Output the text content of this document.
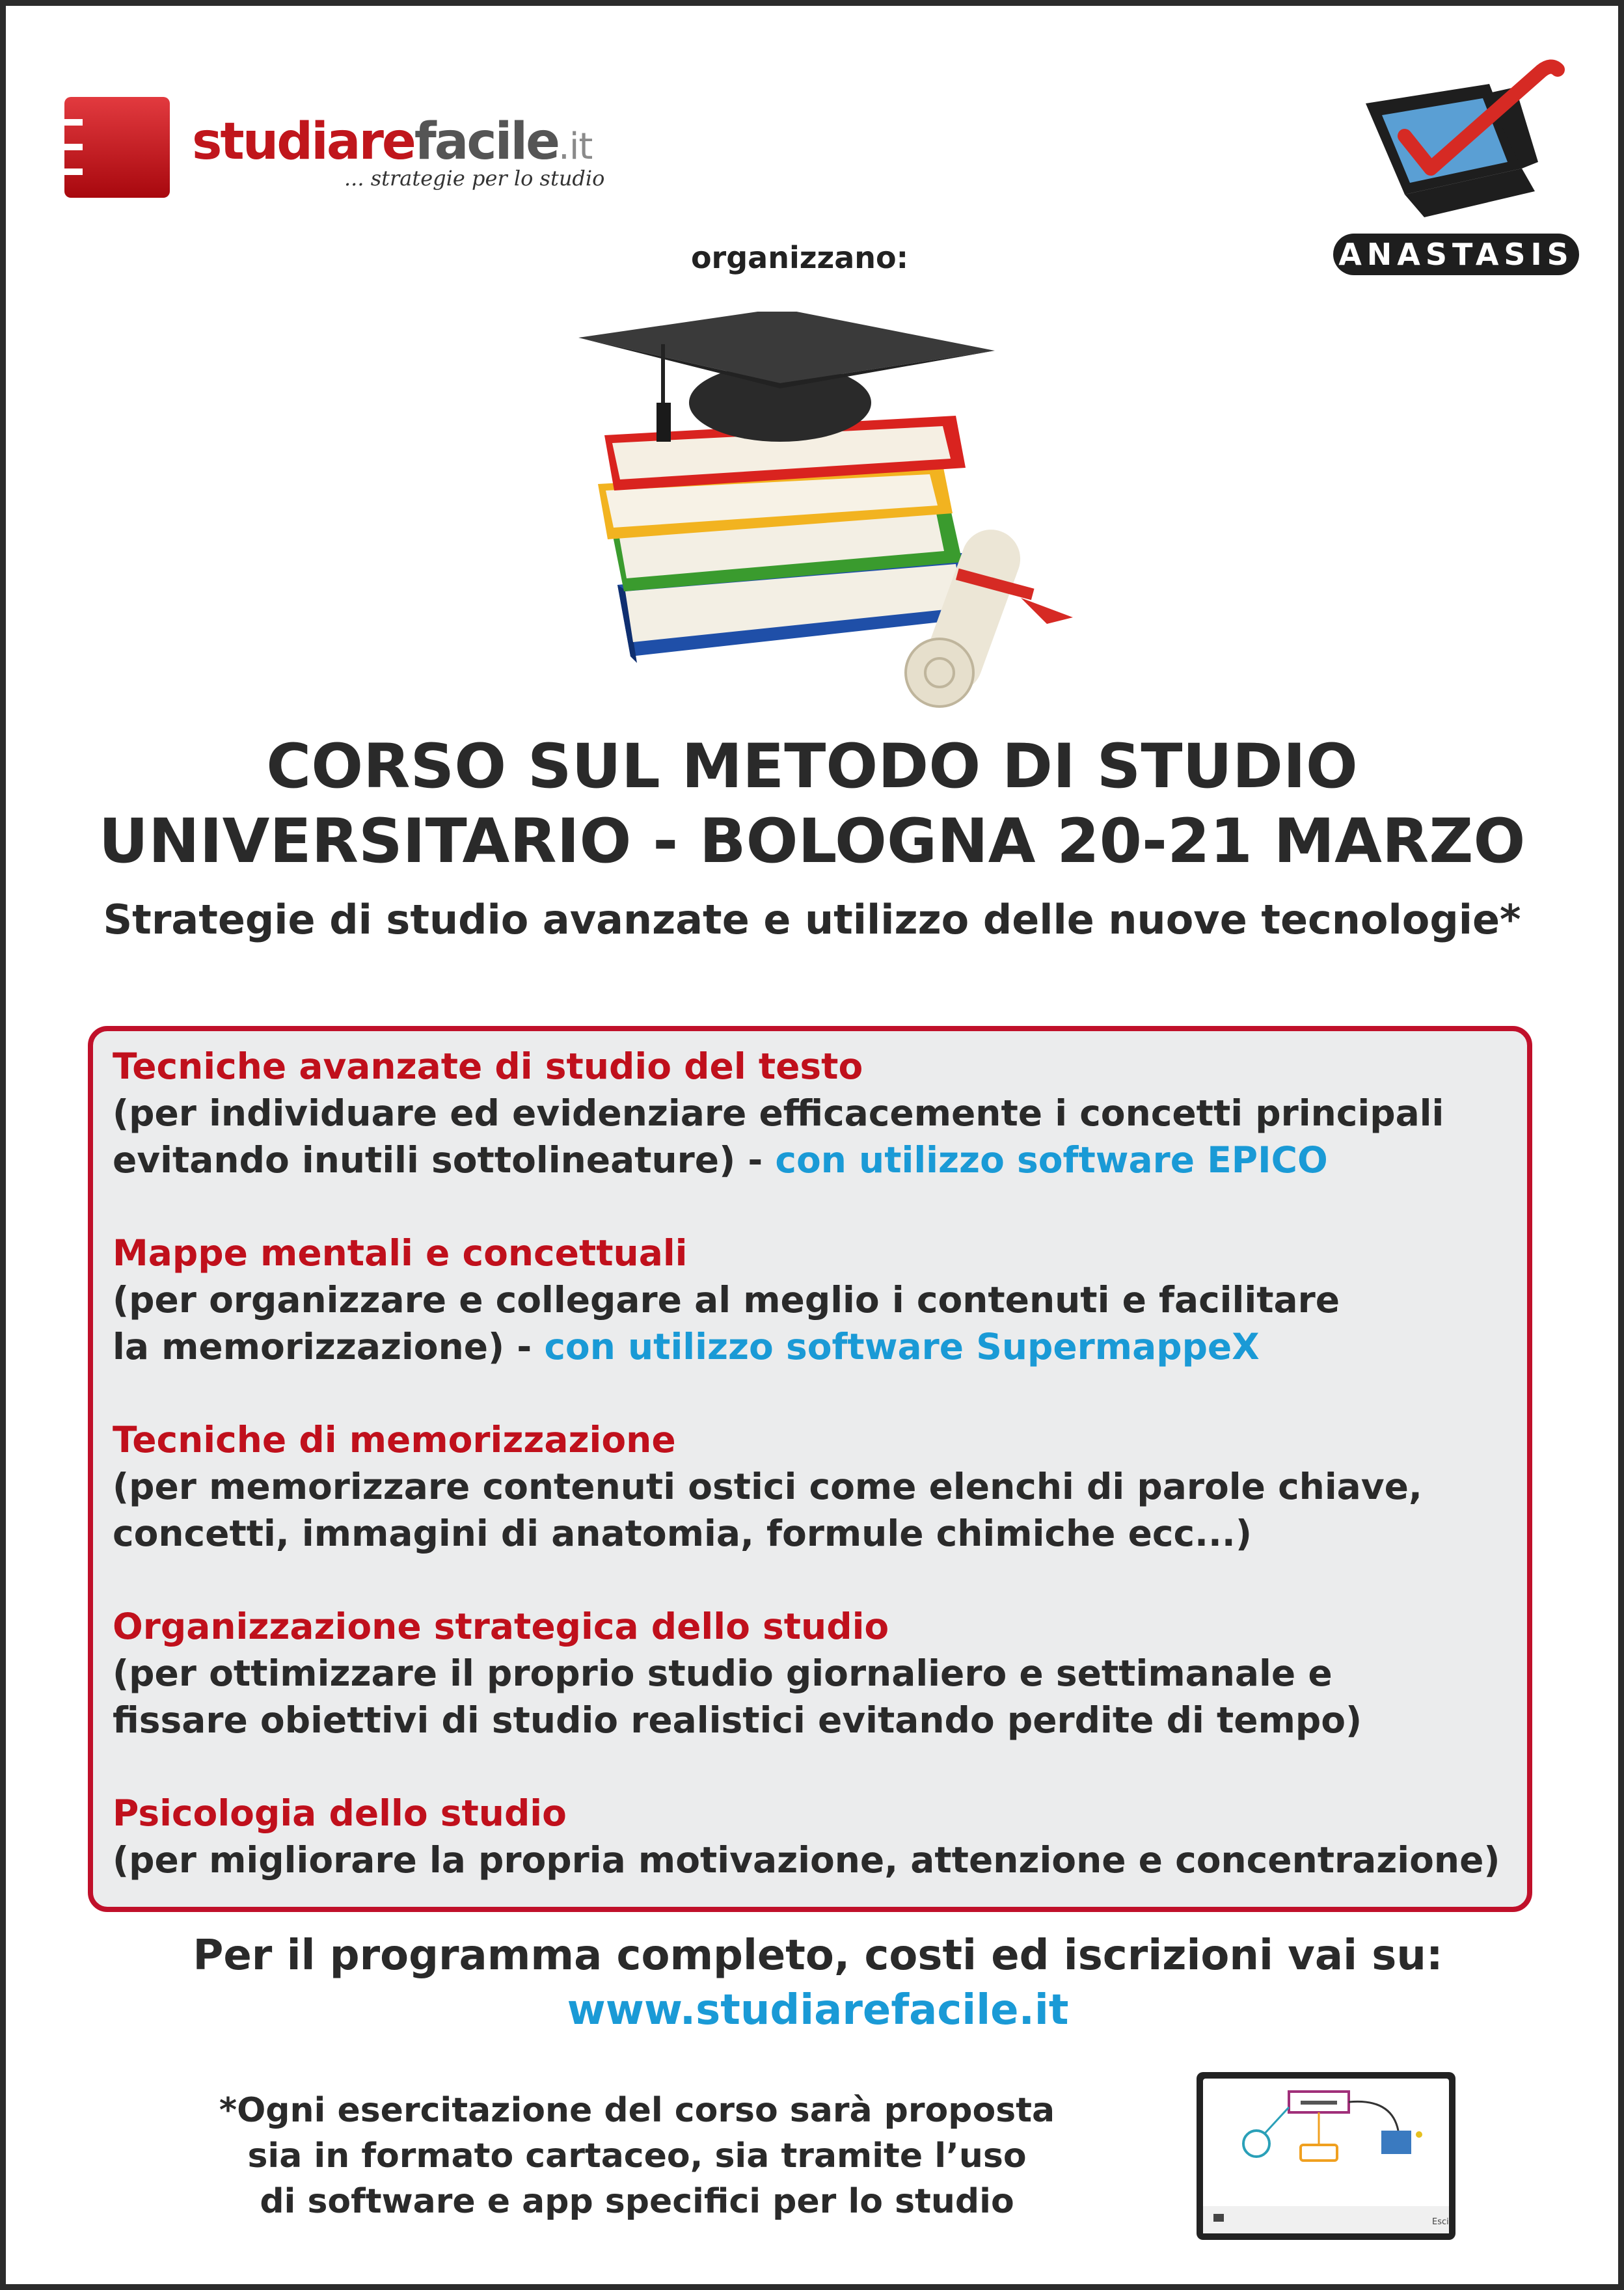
studiarefacile.it
... strategie per lo studio
ANASTASIS
organizzano:
CORSO SUL METODO DI STUDIO
UNIVERSITARIO - BOLOGNA 20-21 MARZO
Strategie di studio avanzate e utilizzo delle nuove tecnologie*
Tecniche avanzate di studio del testo
(per individuare ed evidenziare efficacemente i concetti principali
evitando inutili sottolineature) - con utilizzo software EPICO
Mappe mentali e concettuali
(per organizzare e collegare al meglio i contenuti e facilitare
la memorizzazione) - con utilizzo software SupermappeX
Tecniche di memorizzazione
(per memorizzare contenuti ostici come elenchi di parole chiave,
concetti, immagini di anatomia, formule chimiche ecc...)
Organizzazione strategica dello studio
(per ottimizzare il proprio studio giornaliero e settimanale e
fissare obiettivi di studio realistici evitando perdite di tempo)
Psicologia dello studio
(per migliorare la propria motivazione, attenzione e concentrazione)
Per il programma completo, costi ed iscrizioni vai su:
www.studiarefacile.it
*Ogni esercitazione del corso sarà proposta
sia in formato cartaceo, sia tramite l’uso
di software e app specifici per lo studio
Esci
